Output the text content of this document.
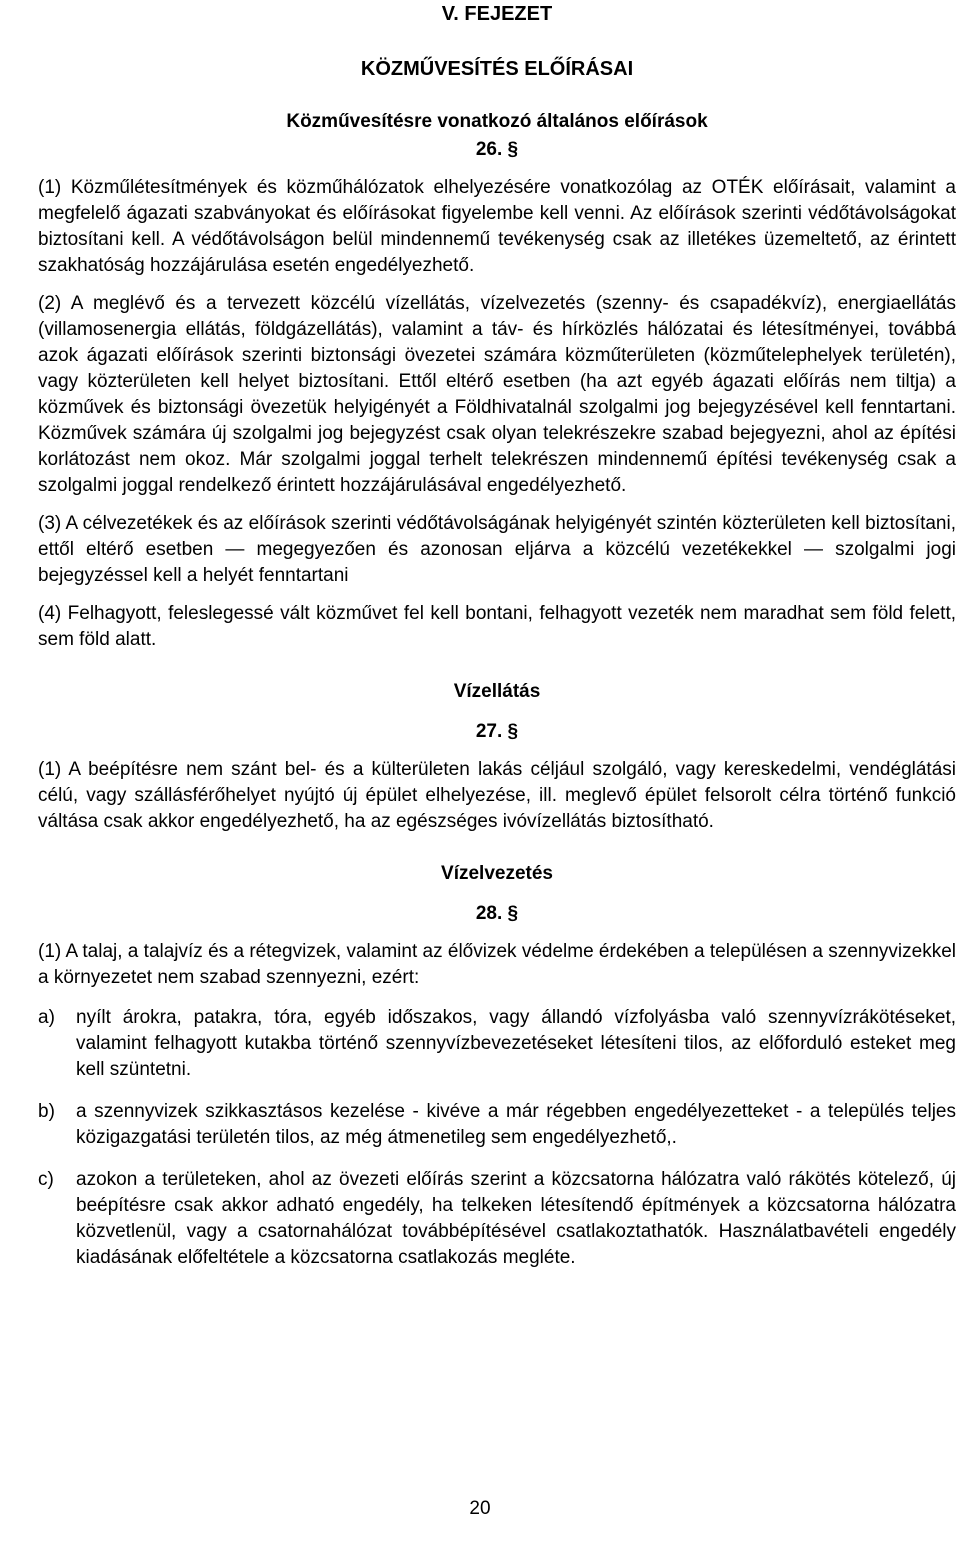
V. FEJEZET

KÖZMŰVESÍTÉS ELŐÍRÁSAI

Közművesítésre vonatkozó általános előírások

26. §

(1) Közműlétesítmények és közműhálózatok elhelyezésére vonatkozólag az OTÉK előírásait, valamint a megfelelő ágazati szabványokat és előírásokat figyelembe kell venni. Az előírások szerinti védőtávolságokat biztosítani kell. A védőtávolságon belül mindennemű tevékenység csak az illetékes üzemeltető, az érintett szakhatóság hozzájárulása esetén engedélyezhető.

(2) A meglévő és a tervezett közcélú vízellátás, vízelvezetés (szenny- és csapadékvíz), energiaellátás (villamosenergia ellátás, földgázellátás), valamint a táv- és hírközlés hálózatai és létesítményei, továbbá azok ágazati előírások szerinti biztonsági övezetei számára közműterületen (közműtelephelyek területén), vagy közterületen kell helyet biztosítani. Ettől eltérő esetben (ha azt egyéb ágazati előírás nem tiltja) a közművek és biztonsági övezetük helyigényét a Földhivatalnál szolgalmi jog bejegyzésével kell fenntartani. Közművek számára új szolgalmi jog bejegyzést csak olyan telekrészekre szabad bejegyezni, ahol az építési korlátozást nem okoz. Már szolgalmi joggal terhelt telekrészen mindennemű építési tevékenység csak a szolgalmi joggal rendelkező érintett hozzájárulásával engedélyezhető.

(3) A célvezetékek és az előírások szerinti védőtávolságának helyigényét szintén közterületen kell biztosítani, ettől eltérő esetben — megegyezően és azonosan eljárva a közcélú vezetékekkel — szolgalmi jogi bejegyzéssel kell a helyét fenntartani

(4) Felhagyott, feleslegessé vált közművet fel kell bontani, felhagyott vezeték nem maradhat sem föld felett, sem föld alatt.

Vízellátás

27. §

(1) A beépítésre nem szánt bel- és a külterületen lakás céljául szolgáló, vagy kereskedelmi, vendéglátási célú, vagy szállásférőhelyet nyújtó új épület elhelyezése, ill. meglevő épület felsorolt célra történő funkció váltása csak akkor engedélyezhető, ha az egészséges ivóvízellátás biztosítható.

Vízelvezetés

28. §

(1) A talaj, a talajvíz és a rétegvizek, valamint az élővizek védelme érdekében a településen a szennyvizekkel a környezetet nem szabad szennyezni, ezért:

a)	nyílt árokra, patakra, tóra, egyéb időszakos, vagy állandó vízfolyásba való szennyvízrákötéseket, valamint felhagyott kutakba történő szennyvízbevezetéseket létesíteni tilos, az előforduló esteket meg kell szüntetni.
b)	a szennyvizek szikkasztásos kezelése - kivéve a már régebben engedélyezetteket - a település teljes közigazgatási területén tilos, az még átmenetileg sem engedélyezhető,.
c)	azokon a területeken, ahol az övezeti előírás szerint a közcsatorna hálózatra való rákötés kötelező, új beépítésre csak akkor adható engedély, ha telkeken létesítendő építmények a közcsatorna hálózatra közvetlenül, vagy a csatornahálózat továbbépítésével csatlakoztathatók. Használatbavételi engedély kiadásának előfeltétele a közcsatorna csatlakozás megléte.
20
